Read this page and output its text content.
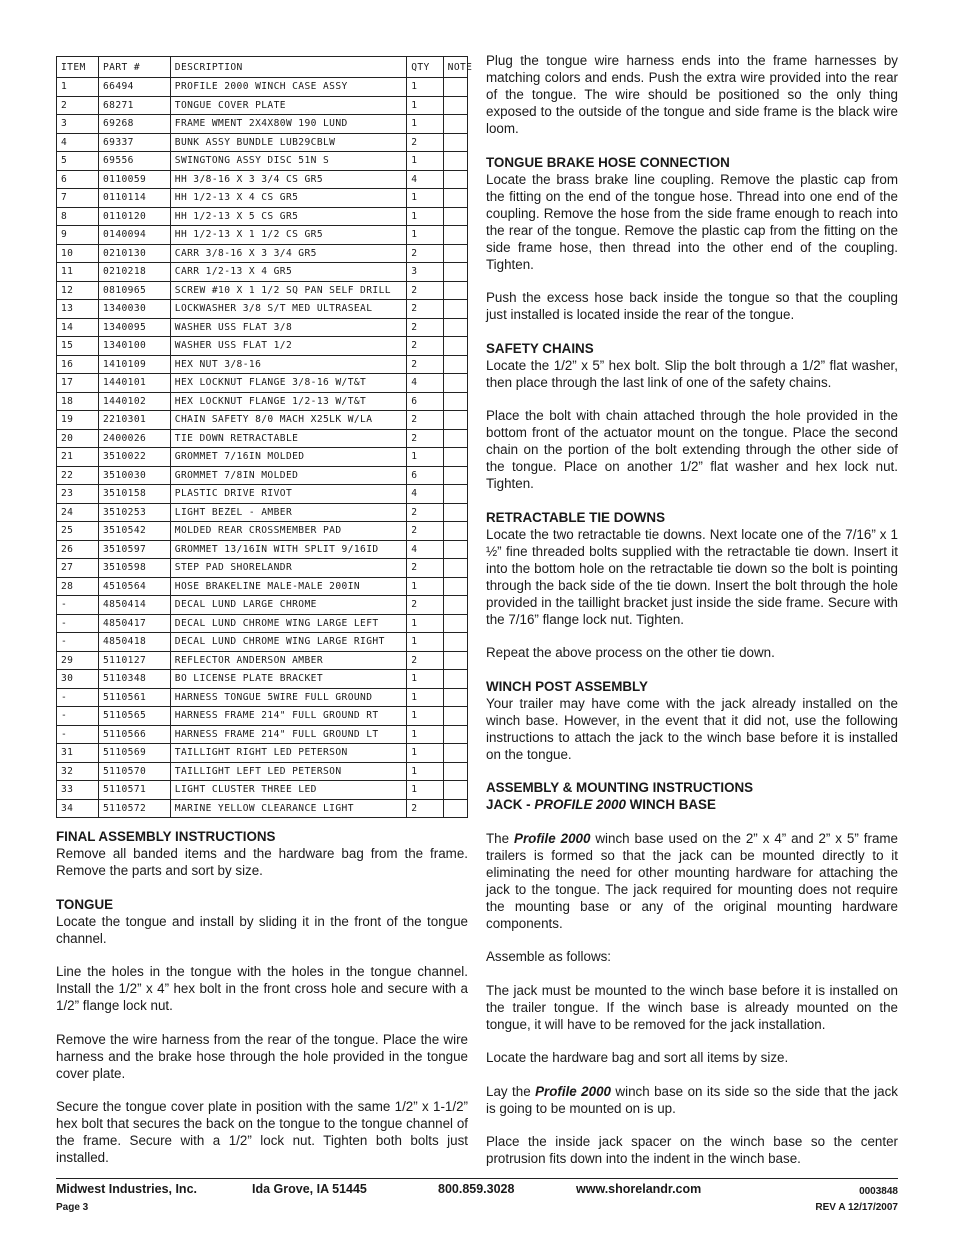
ITEM	PART #	DESCRIPTION	QTY	NOTE
1	66494	PROFILE 2000 WINCH CASE ASSY	1	
2	68271	TONGUE COVER PLATE	1	
3	69268	FRAME WMENT 2X4X80W 190 LUND	1	
4	69337	BUNK ASSY BUNDLE LUB29CBLW	2	
5	69556	SWINGTONG ASSY DISC 51N S	1	
6	0110059	HH 3/8-16 X 3 3/4 CS GR5	4	
7	0110114	HH 1/2-13 X 4 CS GR5	1	
8	0110120	HH 1/2-13 X 5 CS GR5	1	
9	0140094	HH 1/2-13 X 1 1/2 CS GR5	1	
10	0210130	CARR 3/8-16 X 3 3/4 GR5	2	
11	0210218	CARR 1/2-13 X 4 GR5	3	
12	0810965	SCREW #10 X 1 1/2 SQ PAN SELF DRILL	2	
13	1340030	LOCKWASHER 3/8 S/T MED ULTRASEAL	2	
14	1340095	WASHER USS FLAT 3/8	2	
15	1340100	WASHER USS FLAT 1/2	2	
16	1410109	HEX NUT 3/8-16	2	
17	1440101	HEX LOCKNUT FLANGE 3/8-16 W/T&T	4	
18	1440102	HEX LOCKNUT FLANGE 1/2-13 W/T&T	6	
19	2210301	CHAIN SAFETY 8/0 MACH X25LK W/LA	2	
20	2400026	TIE DOWN RETRACTABLE	2	
21	3510022	GROMMET 7/16IN MOLDED	1	
22	3510030	GROMMET 7/8IN MOLDED	6	
23	3510158	PLASTIC DRIVE RIVOT	4	
24	3510253	LIGHT BEZEL - AMBER	2	
25	3510542	MOLDED REAR CROSSMEMBER PAD	2	
26	3510597	GROMMET 13/16IN WITH SPLIT 9/16ID	4	
27	3510598	STEP PAD SHORELANDR	2	
28	4510564	HOSE BRAKELINE MALE-MALE 200IN	1	
-	4850414	DECAL LUND LARGE CHROME	2	
-	4850417	DECAL LUND CHROME WING LARGE LEFT	1	
-	4850418	DECAL LUND CHROME WING LARGE RIGHT	1	
29	5110127	REFLECTOR ANDERSON AMBER	2	
30	5110348	BO LICENSE PLATE BRACKET	1	
-	5110561	HARNESS TONGUE 5WIRE FULL GROUND	1	
-	5110565	HARNESS FRAME 214" FULL GROUND RT	1	
-	5110566	HARNESS FRAME 214" FULL GROUND LT	1	
31	5110569	TAILLIGHT RIGHT LED PETERSON	1	
32	5110570	TAILLIGHT LEFT LED PETERSON	1	
33	5110571	LIGHT CLUSTER THREE LED	1	
34	5110572	MARINE YELLOW CLEARANCE LIGHT	2	
FINAL ASSEMBLY INSTRUCTIONS

Remove all banded items and the hardware bag from the frame. Remove the parts and sort by size.

TONGUE

Locate the tongue and install by sliding it in the front of the tongue channel.

Line the holes in the tongue with the holes in the tongue channel. Install the 1/2” x 4” hex bolt in the front cross hole and secure with a 1/2” flange lock nut.

Remove the wire harness from the rear of the tongue. Place the wire harness and the brake hose through the hole provided in the tongue cover plate.

Secure the tongue cover plate in position with the same 1/2” x 1-1/2” hex bolt that secures the back on the tongue to the tongue channel of the frame. Secure with a 1/2” lock nut. Tighten both bolts just installed.

Plug the tongue wire harness ends into the frame harnesses by matching colors and ends. Push the extra wire provided into the rear of the tongue. The wire should be positioned so the only thing exposed to the outside of the tongue and side frame is the black wire loom.

TONGUE BRAKE HOSE CONNECTION

Locate the brass brake line coupling. Remove the plastic cap from the fitting on the end of the tongue hose. Thread into one end of the coupling. Remove the hose from the side frame enough to reach into the rear of the tongue. Remove the plastic cap from the fitting on the side frame hose, then thread into the other end of the coupling. Tighten.

Push the excess hose back inside the tongue so that the coupling just installed is located inside the rear of the tongue.

SAFETY CHAINS

Locate the 1/2” x 5” hex bolt. Slip the bolt through a 1/2” flat washer, then place through the last link of one of the safety chains.

Place the bolt with chain attached through the hole provided in the bottom front of the actuator mount on the tongue. Place the second chain on the portion of the bolt extending through the other side of the tongue. Place on another 1/2” flat washer and hex lock nut. Tighten.

RETRACTABLE TIE DOWNS

Locate the two retractable tie downs. Next locate one of the 7/16” x 1 ½” fine threaded bolts supplied with the retractable tie down. Insert it into the bottom hole on the retractable tie down so the bolt is pointing through the back side of the tie down. Insert the bolt through the hole provided in the taillight bracket just inside the side frame. Secure with the 7/16” flange lock nut. Tighten.

Repeat the above process on the other tie down.

WINCH POST ASSEMBLY

Your trailer may have come with the jack already installed on the winch base. However, in the event that it did not, use the following instructions to attach the jack to the winch base before it is installed on the tongue.

ASSEMBLY & MOUNTING INSTRUCTIONS
JACK - PROFILE 2000 WINCH BASE

The Profile 2000 winch base used on the 2” x 4” and 2” x 5” frame trailers is formed so that the jack can be mounted directly to it eliminating the need for other mounting hardware for attaching the jack to the tongue. The jack required for mounting does not require the mounting base or any of the original mounting hardware components.

Assemble as follows:

The jack must be mounted to the winch base before it is installed on the trailer tongue. If the winch base is already mounted on the tongue, it will have to be removed for the jack installation.

Locate the hardware bag and sort all items by size.

Lay the Profile 2000 winch base on its side so the side that the jack is going to be mounted on is up.

Place the inside jack spacer on the winch base so the center protrusion fits down into the indent in the winch base.

Midwest Industries, Inc.	Ida Grove, IA 51445	800.859.3028	www.shorelandr.com	0003848
Page 3	REV A 12/17/2007
